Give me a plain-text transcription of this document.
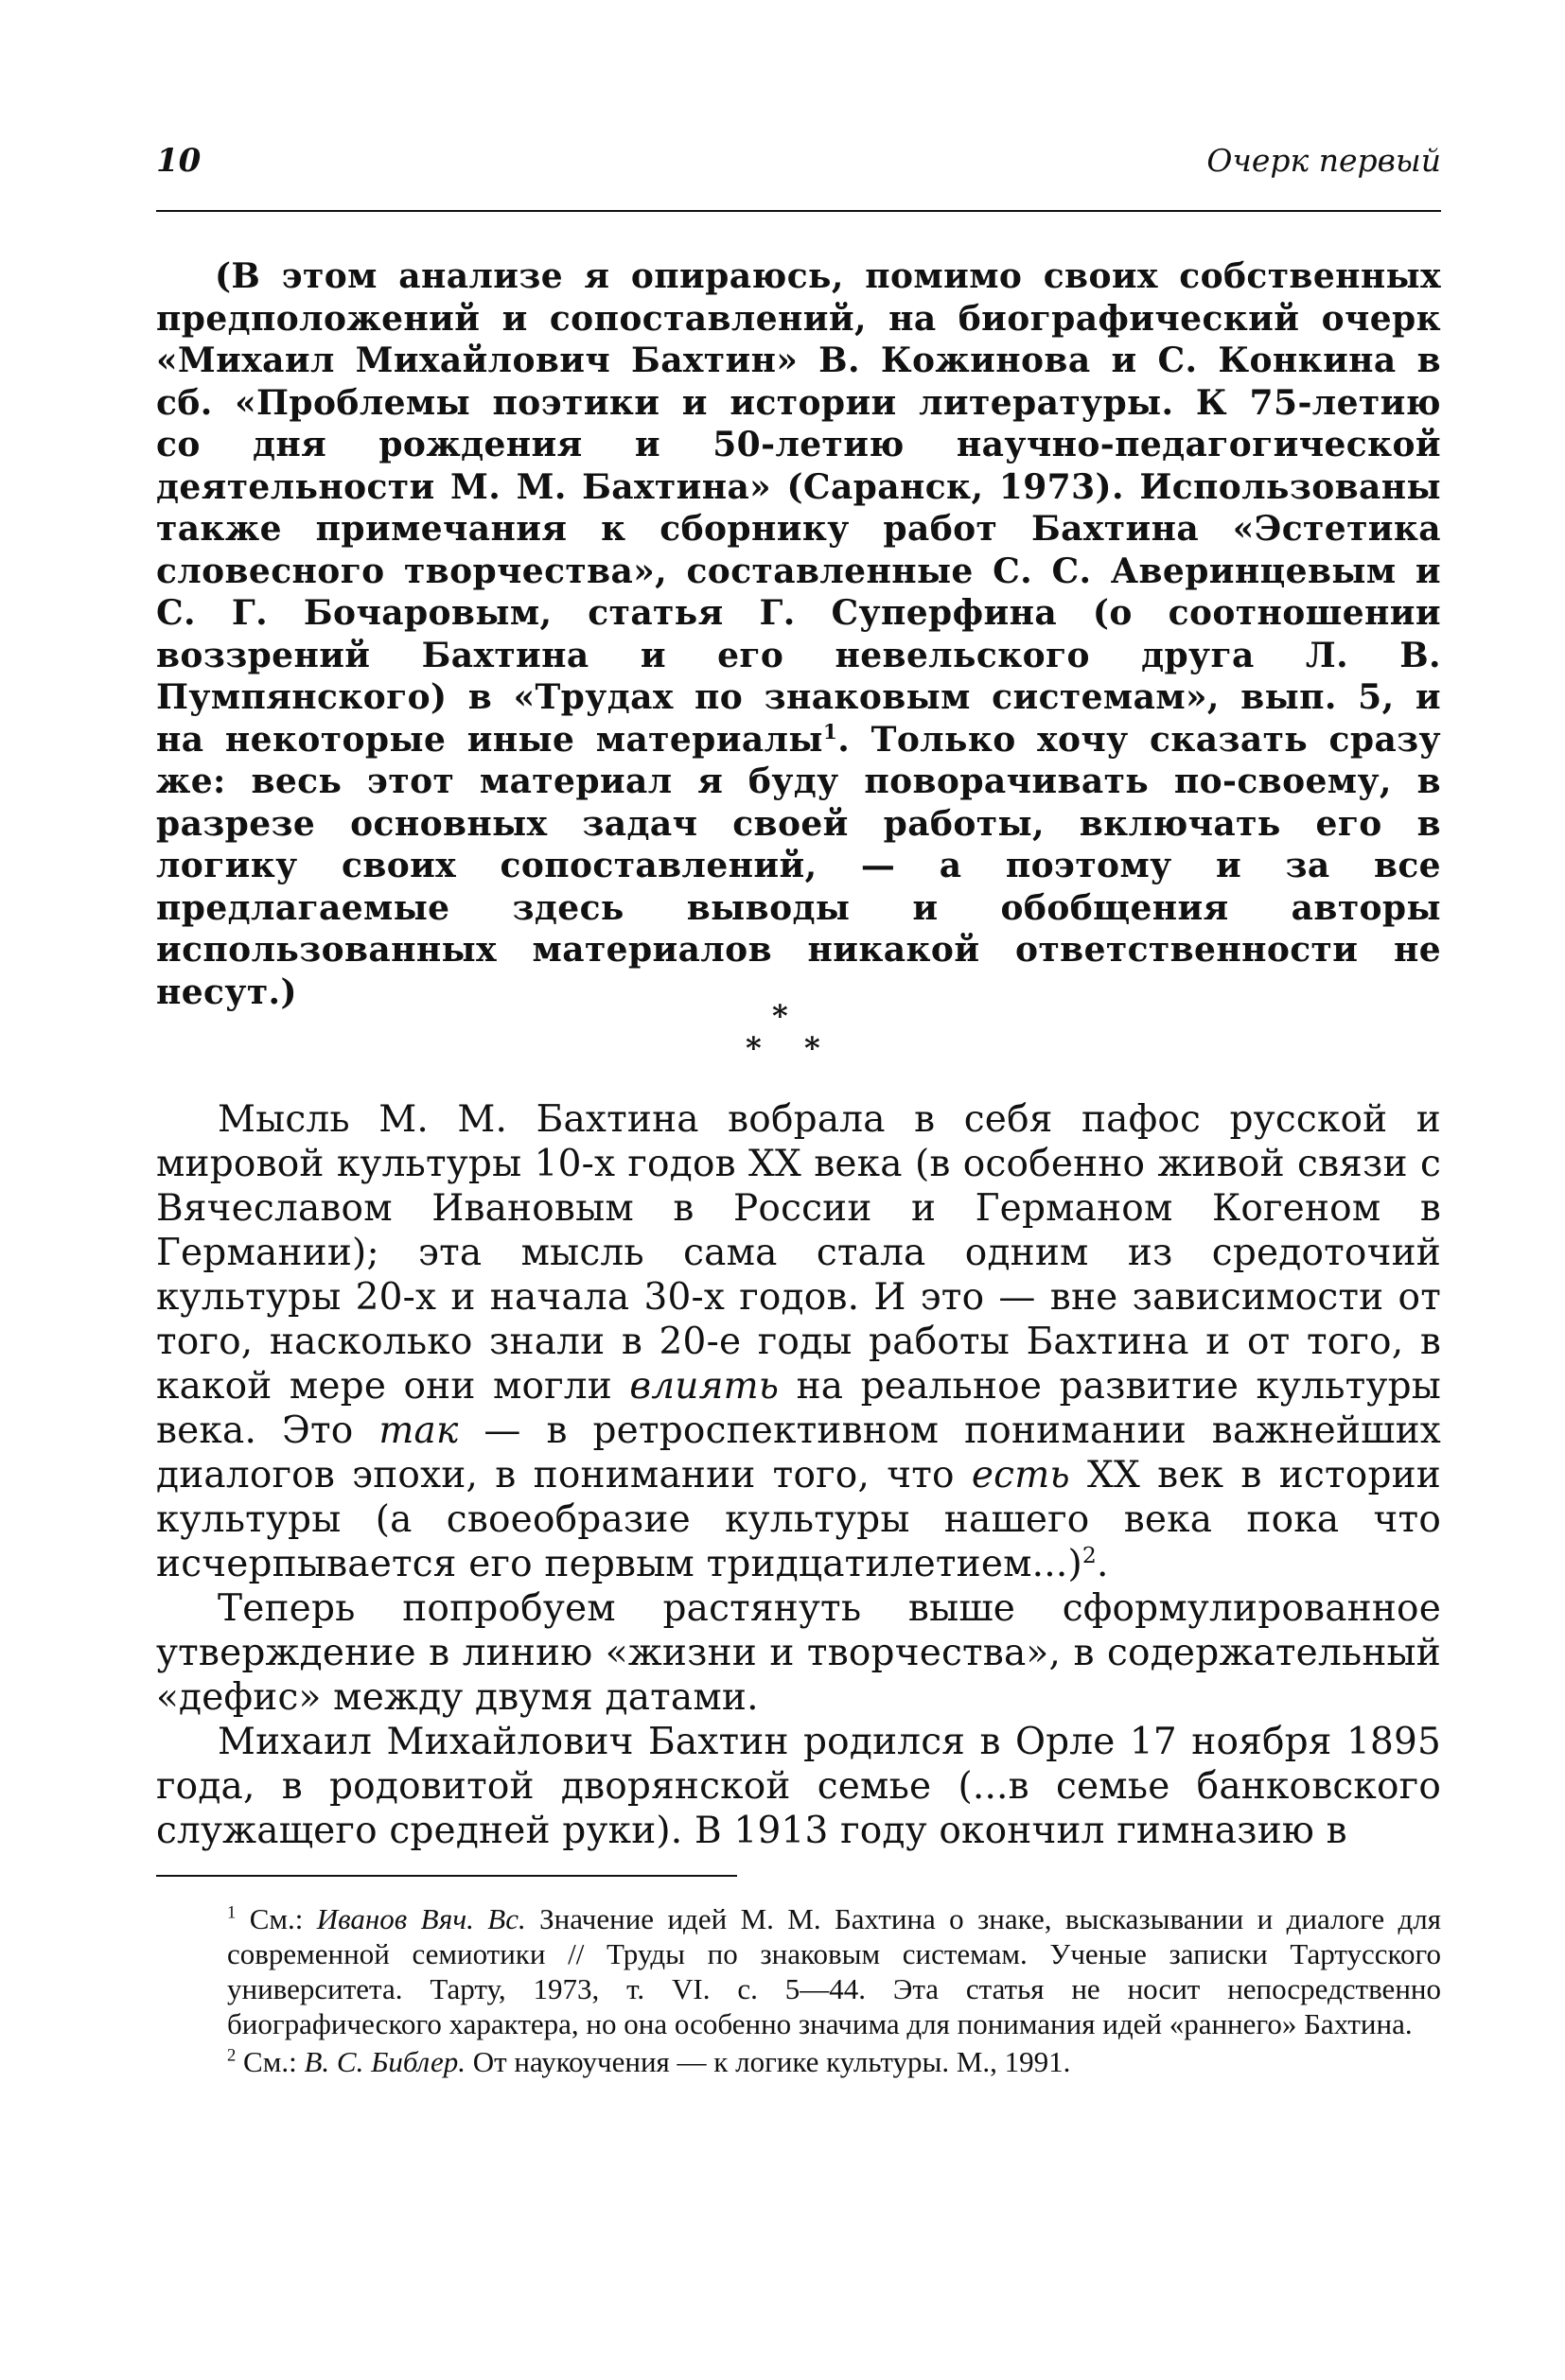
10	Очерк первый
(В этом анализе я опираюсь, помимо своих собственных предположений и сопоставлений, на биографический очерк «Михаил Михайлович Бахтин» В. Кожинова и С. Конкина в сб. «Проблемы поэтики и истории литературы. К 75-летию со дня рождения и 50-летию научно-педагогической деятельности М. М. Бахтина» (Саранск, 1973). Использованы также примечания к сборнику работ Бахтина «Эстетика словесного творчества», составленные С. С. Аверинцевым и С. Г. Бочаровым, статья Г. Суперфина (о соотношении воззрений Бахтина и его невельского друга Л. В. Пумпянского) в «Трудах по знаковым системам», вып. 5, и на некоторые иные материалы$^1$. Только хочу сказать сразу же: весь этот материал я буду поворачивать по-своему, в разрезе основных задач своей работы, включать его в логику своих сопоставлений, — а поэтому и за все предлагаемые здесь выводы и обобщения авторы использованных материалов никакой ответственности не несут.)
*
* *

Мысль М. М. Бахтина вобрала в себя пафос русской и мировой культуры 10-х годов XX века (в особенно живой связи с Вячеславом Ивановым в России и Германом Когеном в Германии); эта мысль сама стала одним из средоточий культуры 20-х и начала 30-х годов. И это — вне зависимости от того, насколько знали в 20-е годы работы Бахтина и от того, в какой мере они могли влиять на реальное развитие культуры века. Это так — в ретроспективном понимании важнейших диалогов эпохи, в понимании того, что есть XX век в истории культуры (а своеобразие культуры нашего века пока что исчерпывается его первым тридцатилетием...)$^2$.

Теперь попробуем растянуть выше сформулированное утверждение в линию «жизни и творчества», в содержательный «дефис» между двумя датами.

Михаил Михайлович Бахтин родился в Орле 17 ноября 1895 года, в родовитой дворянской семье (...в семье банковского служащего средней руки). В 1913 году окончил гимназию в

$^1$ См.: Иванов Вяч. Вс. Значение идей М. М. Бахтина о знаке, высказывании и диалоге для современной семиотики // Труды по знаковым системам. Ученые записки Тартусского университета. Тарту, 1973, т. VI. с. 5—44. Эта статья не носит непосредственно биографического характера, но она особенно значима для понимания идей «раннего» Бахтина.

$^2$ См.: В. С. Библер. От наукоучения — к логике культуры. М., 1991.
